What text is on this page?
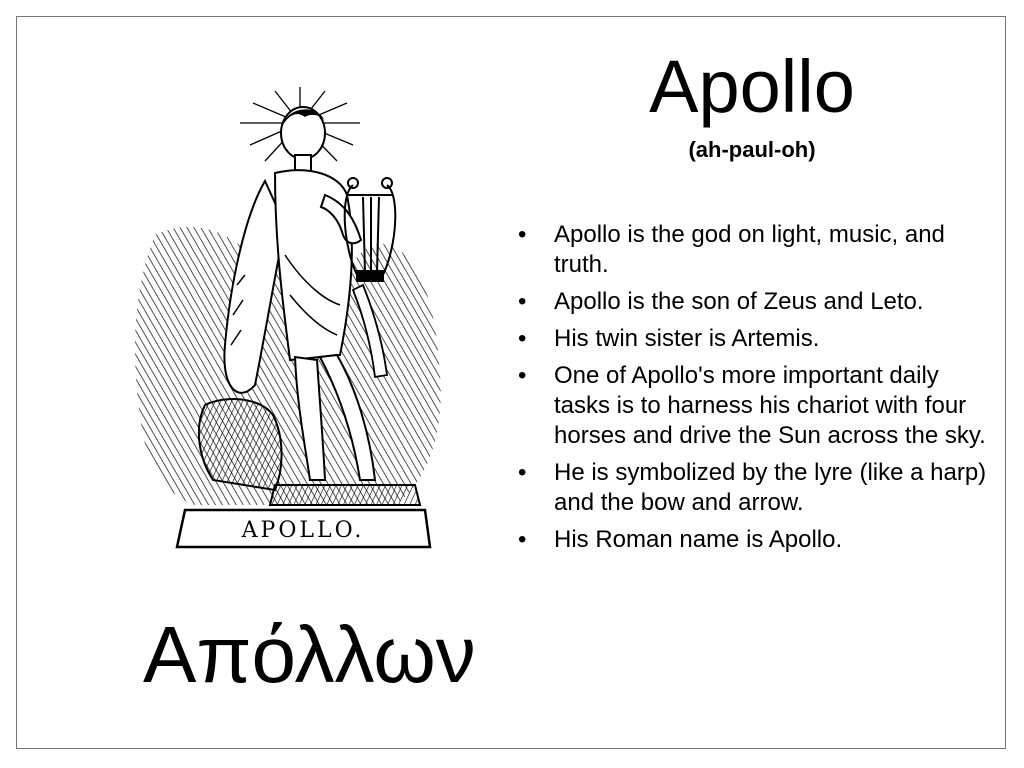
Apollo
(ah-paul-oh)
APOLLO.
• Apollo is the god on light, music, and truth.
• Apollo is the son of Zeus and Leto.
• His twin sister is Artemis.
• One of Apollo's more important daily tasks is to harness his chariot with four horses and drive the Sun across the sky.
• He is symbolized by the lyre (like a harp) and the bow and arrow.
• His Roman name is Apollo.
Απόλλων
